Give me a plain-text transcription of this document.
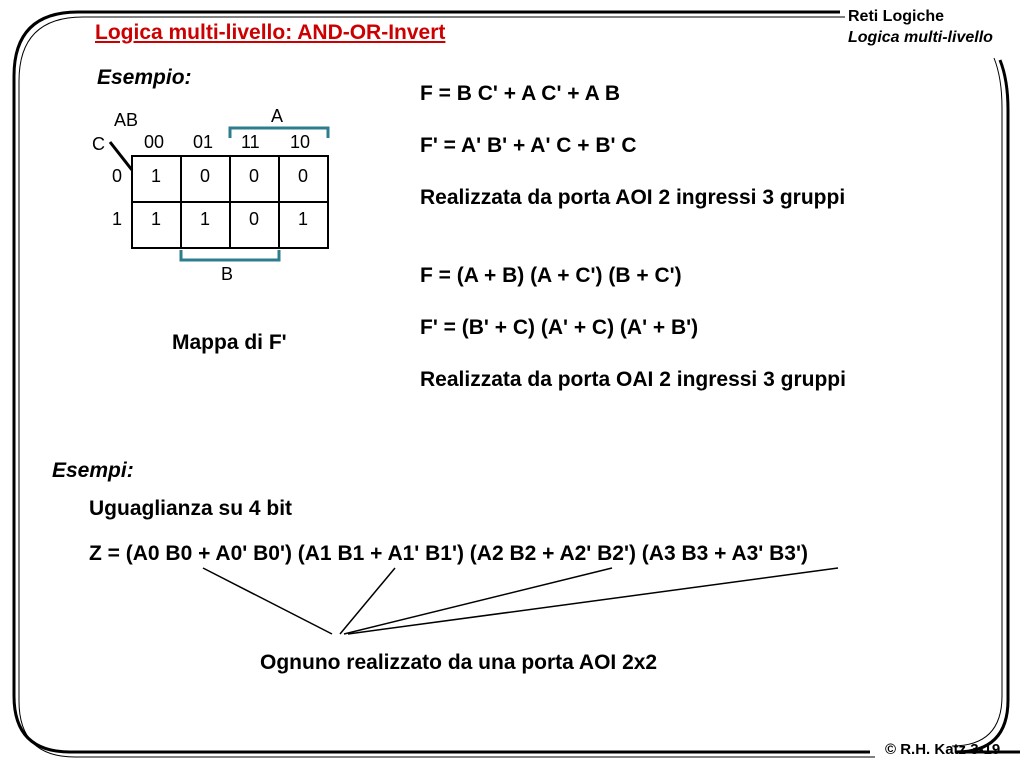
Logica multi-livello: AND-OR-Invert
Reti Logiche
Logica multi-livello
Esempio:
AB
C
A
00 01 11 10
0
1
1 0 0 0
1 1 0 1
B
Mappa di F'
F = B C' + A C' + A B
F' = A' B' + A' C + B' C
Realizzata da porta AOI 2 ingressi 3 gruppi
F = (A + B) (A + C') (B + C')
F' = (B' + C) (A' + C) (A' + B')
Realizzata da porta OAI 2 ingressi 3 gruppi
Esempi:
Uguaglianza su 4 bit
Z = (A0 B0 + A0' B0') (A1 B1 + A1' B1') (A2 B2 + A2' B2') (A3 B3 + A3' B3')
Ognuno realizzato da una porta AOI 2x2
© R.H. Katz 3-19
